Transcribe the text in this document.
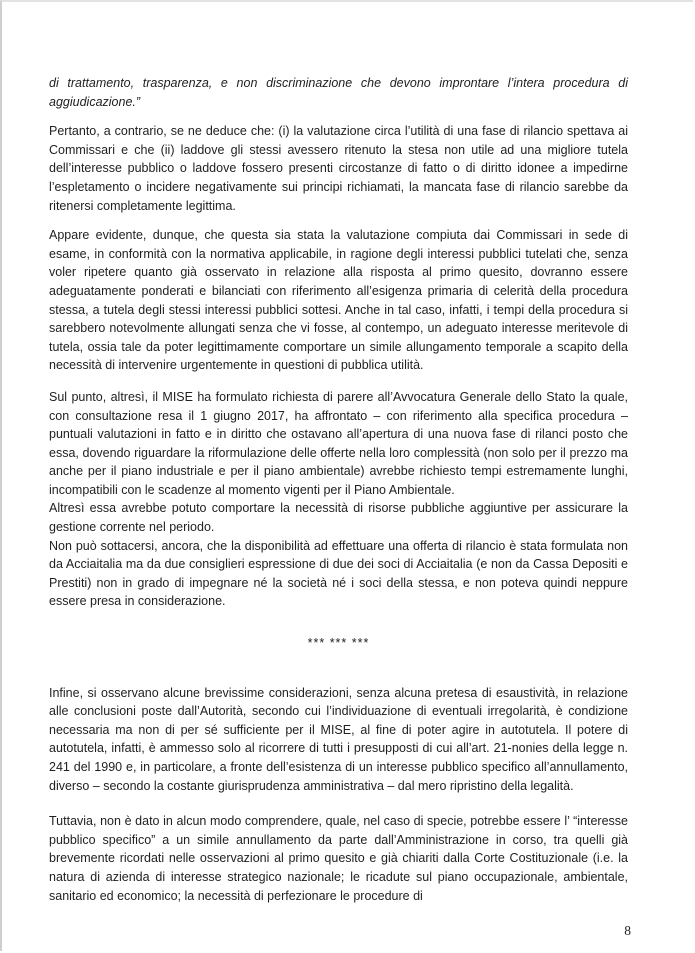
di trattamento, trasparenza, e non discriminazione che devono improntare l’intera procedura di aggiudicazione.”

Pertanto, a contrario, se ne deduce che: (i) la valutazione circa l’utilità di una fase di rilancio spettava ai Commissari e che (ii) laddove gli stessi avessero ritenuto la stesa non utile ad una migliore tutela dell’interesse pubblico o laddove fossero presenti circostanze di fatto o di diritto idonee a impedirne l’espletamento o incidere negativamente sui principi richiamati, la mancata fase di rilancio sarebbe da ritenersi completamente legittima.

Appare evidente, dunque, che questa sia stata la valutazione compiuta dai Commissari in sede di esame, in conformità con la normativa applicabile, in ragione degli interessi pubblici tutelati che, senza voler ripetere quanto già osservato in relazione alla risposta al primo quesito, dovranno essere adeguatamente ponderati e bilanciati con riferimento all’esigenza primaria di celerità della procedura stessa, a tutela degli stessi interessi pubblici sottesi. Anche in tal caso, infatti, i tempi della procedura si sarebbero notevolmente allungati senza che vi fosse, al contempo, un adeguato interesse meritevole di tutela, ossia tale da poter legittimamente comportare un simile allungamento temporale a scapito della necessità di intervenire urgentemente in questioni di pubblica utilità.

Sul punto, altresì, il MISE ha formulato richiesta di parere all’Avvocatura Generale dello Stato la quale, con consultazione resa il 1 giugno 2017, ha affrontato – con riferimento alla specifica procedura – puntuali valutazioni in fatto e in diritto che ostavano all’apertura di una nuova fase di rilanci posto che essa, dovendo riguardare la riformulazione delle offerte nella loro complessità (non solo per il prezzo ma anche per il piano industriale e per il piano ambientale) avrebbe richiesto tempi estremamente lunghi, incompatibili con le scadenze al momento vigenti per il Piano Ambientale.

Altresì essa avrebbe potuto comportare la necessità di risorse pubbliche aggiuntive per assicurare la gestione corrente nel periodo.

Non può sottacersi, ancora, che la disponibilità ad effettuare una offerta di rilancio è stata formulata non da Acciaitalia ma da due consiglieri espressione di due dei soci di Acciaitalia (e non da Cassa Depositi e Prestiti) non in grado di impegnare né la società né i soci della stessa, e non poteva quindi neppure essere presa in considerazione.

*** *** ***

Infine, si osservano alcune brevissime considerazioni, senza alcuna pretesa di esaustività, in relazione alle conclusioni poste dall’Autorità, secondo cui l’individuazione di eventuali irregolarità, è condizione necessaria ma non di per sé sufficiente per il MISE, al fine di poter agire in autotutela. Il potere di autotutela, infatti, è ammesso solo al ricorrere di tutti i presupposti di cui all’art. 21-nonies della legge n. 241 del 1990 e, in particolare, a fronte dell’esistenza di un interesse pubblico specifico all’annullamento, diverso – secondo la costante giurisprudenza amministrativa – dal mero ripristino della legalità.

Tuttavia, non è dato in alcun modo comprendere, quale, nel caso di specie, potrebbe essere l’ “interesse pubblico specifico” a un simile annullamento da parte dall’Amministrazione in corso, tra quelli già brevemente ricordati nelle osservazioni al primo quesito e già chiariti dalla Corte Costituzionale (i.e. la natura di azienda di interesse strategico nazionale; le ricadute sul piano occupazionale, ambientale, sanitario ed economico; la necessità di perfezionare le procedure di

8
